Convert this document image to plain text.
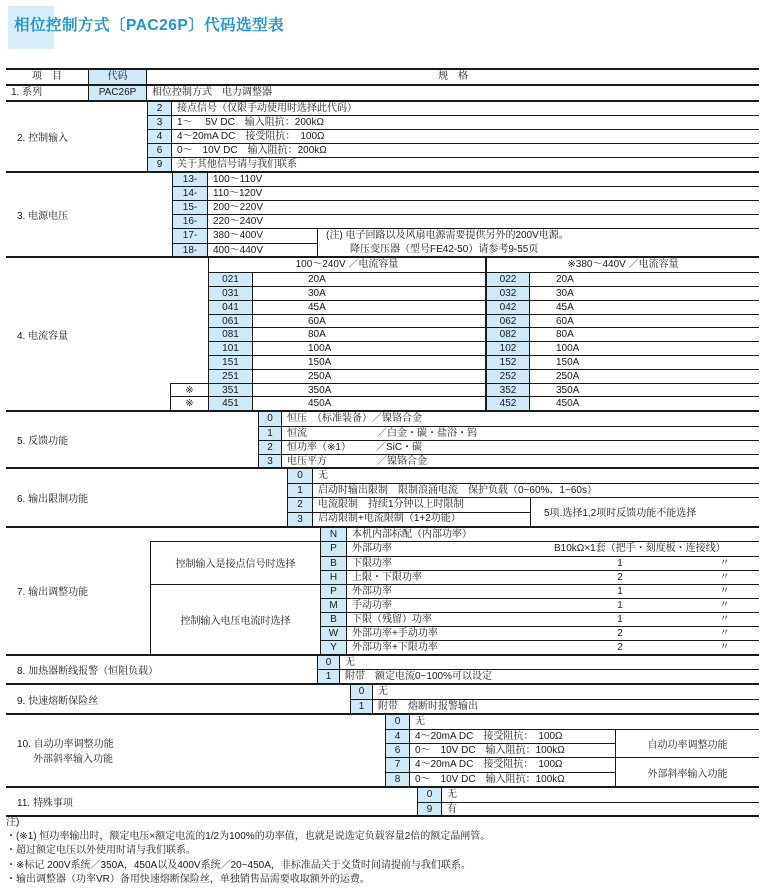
相位控制方式〔PAC26P〕代码选型表
项　目	代码	规　格
1. 系列	PAC26P	相位控制方式　电力调整器
2. 控制输入
2	接点信号（仅限手动使用时选择此代码）
3	1～　 5V DC　输入阻抗：200kΩ
4	4～20mA DC　接受阻抗：　100Ω
6	0～　10V DC　输入阻抗：200kΩ
9	关于其他信号请与我们联系
3. 电源电压
13-	100～110V
14-	110～120V
15-	200～220V
16-	220～240V
17-	380～400V
18-	400～440V
(注) 电子回路以及风扇电源需要提供另外的200V电源。
降压变压器（型号FE42-50）请参考9-55页
4. 电流容量
100～240V ／电流容量	※380～440V ／电流容量
021	20A	022	20A
031	30A	032	30A
041	45A	042	45A
061	60A	062	60A
081	80A	082	80A
101	100A	102	100A
151	150A	152	150A
251	250A	252	250A
※	351	350A	352	350A
※	451	450A	452	450A
5. 反馈功能
0	恒压　（标准装备）／镍铬合金
1	恒流　　　　　　　／白金・碳・盐浴・钨
2	恒功率（※1）　　　／SiC・碳
3	电压平方　　　　　／镍铬合金
6. 输出限制功能
0	无
1	启动时输出限制　限制浪涌电流　保护负载（0~60%、1~60s）
2	电流限制　持续1分钟以上时限制
3	启动限制+电流限制（1+2功能）	5项.选择1,2项时反馈功能不能选择
7. 输出调整功能
N	本机内部标配（内部功率）
控制输入是接点信号时选择
P	外部功率	B10kΩ×1套（把手・刻度板・连接线）
B	下限功率	1	〃
H	上限・下限功率	2	〃
控制输入电压电流时选择
P	外部功率	1	〃
M	手动功率	1	〃
B	下限（残留）功率	1	〃
W	外部功率+手动功率	2	〃
Y	外部功率+下限功率	2	〃
8. 加热器断线报警（恒阻负载）
0	无
1	附带　额定电流0~100%可以设定
9. 快速熔断保险丝
0	无
1	附带　熔断时报警输出
10. 自动功率调整功能
外部斜率输入功能
0	无
4	4～20mA DC　接受阻抗：　100Ω
6	0～　10V DC　输入阻抗：100kΩ	自动功率调整功能
7	4～20mA DC　接受阻抗：　100Ω
8	0～　10V DC　输入阻抗：100kΩ	外部斜率输入功能
11. 特殊事项
0	无
9	有
注)
・(※1) 恒功率输出时，额定电压×额定电流的1/2为100%的功率值，也就是说选定负载容量2倍的额定晶闸管。
・超过额定电压以外使用时请与我们联系。
・※标记 200V系统／350A，450A以及400V系统／20~450A，非标准品关于交货时间请提前与我们联系。
・输出调整器（功率VR）备用快速熔断保险丝，单独销售品需要收取额外的运费。
